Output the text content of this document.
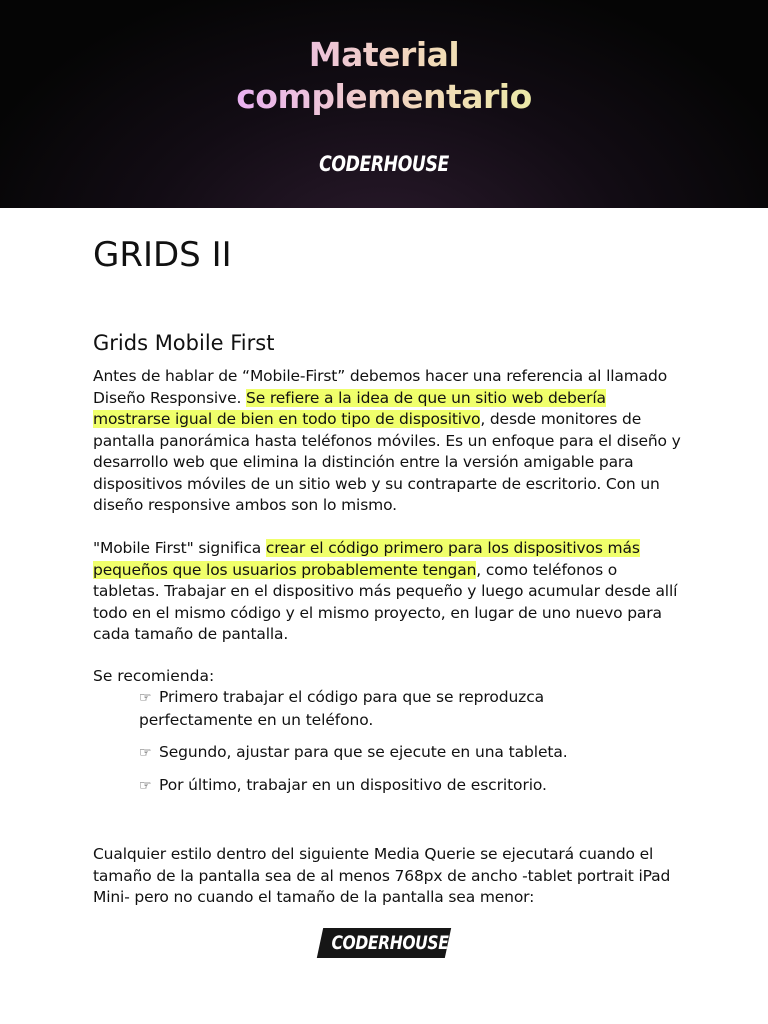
Material
complementario
CODERHOUSE
GRIDS II
Grids Mobile First

Antes de hablar de “Mobile-First” debemos hacer una referencia al llamado Diseño Responsive. Se refiere a la idea de que un sitio web debería mostrarse igual de bien en todo tipo de dispositivo, desde monitores de pantalla panorámica hasta teléfonos móviles. Es un enfoque para el diseño y desarrollo web que elimina la distinción entre la versión amigable para dispositivos móviles de un sitio web y su contraparte de escritorio. Con un diseño responsive ambos son lo mismo.

"Mobile First" significa crear el código primero para los dispositivos más pequeños que los usuarios probablemente tengan, como teléfonos o tabletas. Trabajar en el dispositivo más pequeño y luego acumular desde allí todo en el mismo código y el mismo proyecto, en lugar de uno nuevo para cada tamaño de pantalla.

Se recomienda:

☞ Primero trabajar el código para que se reproduzca perfectamente en un teléfono.

☞ Segundo, ajustar para que se ejecute en una tableta.

☞ Por último, trabajar en un dispositivo de escritorio.

Cualquier estilo dentro del siguiente Media Querie se ejecutará cuando el tamaño de la pantalla sea de al menos 768px de ancho -tablet portrait iPad Mini- pero no cuando el tamaño de la pantalla sea menor:

CODERHOUSE
